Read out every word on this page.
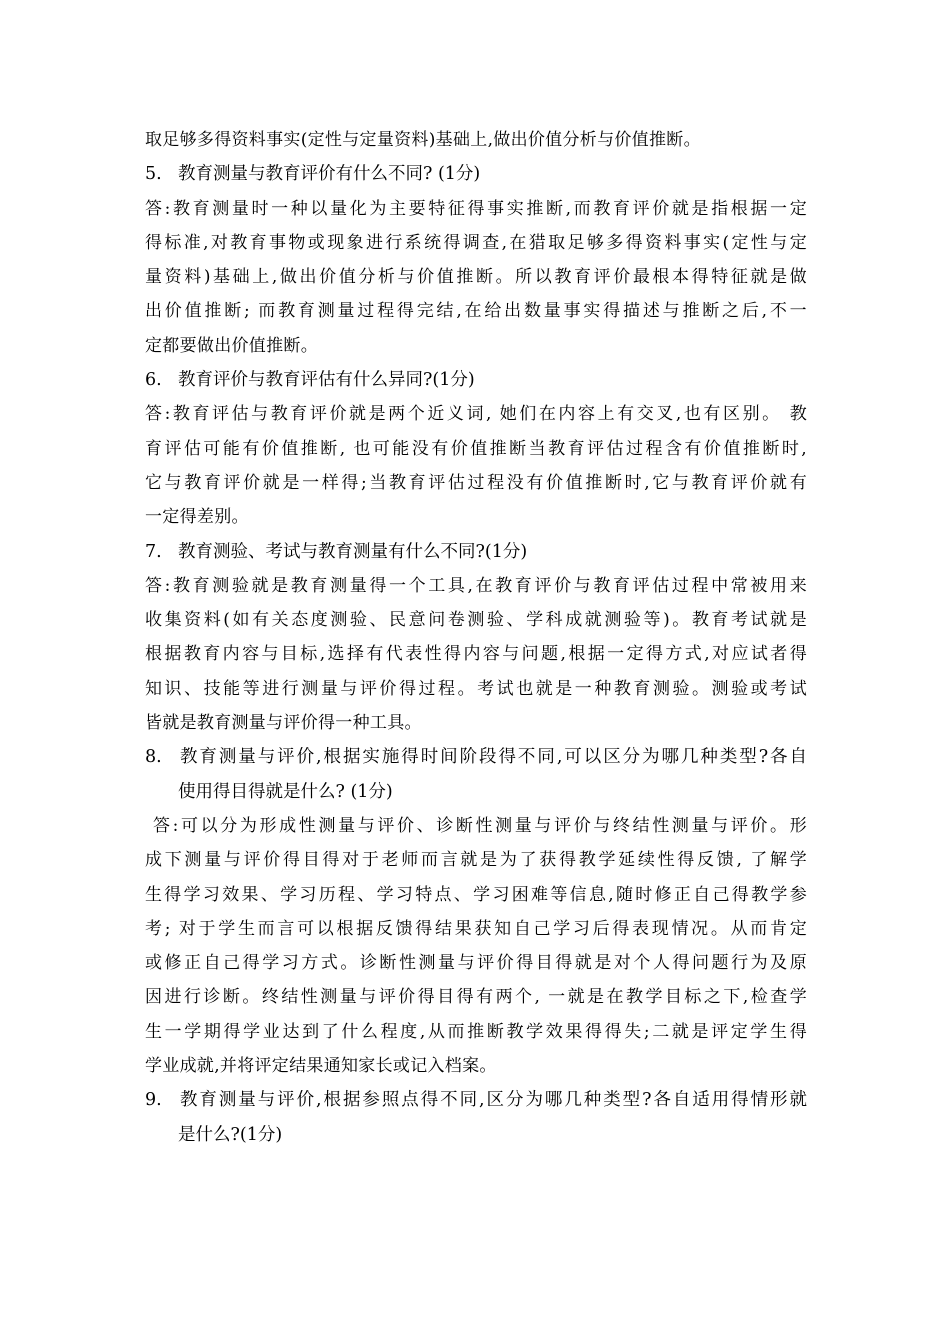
取足够多得资料事实(定性与定量资料)基础上,做出价值分析与价值推断。
5. 教育测量与教育评价有什么不同? (1分)
答:教育测量时一种以量化为主要特征得事实推断,而教育评价就是指根据一定
得标准,对教育事物或现象进行系统得调查,在猎取足够多得资料事实(定性与定
量资料)基础上,做出价值分析与价值推断。所以教育评价最根本得特征就是做
出价值推断; 而教育测量过程得完结,在给出数量事实得描述与推断之后,不一
定都要做出价值推断。
6. 教育评价与教育评估有什么异同?(1分)
答:教育评估与教育评价就是两个近义词, 她们在内容上有交叉,也有区别。 教
育评估可能有价值推断, 也可能没有价值推断当教育评估过程含有价值推断时,
它与教育评价就是一样得;当教育评估过程没有价值推断时,它与教育评价就有
一定得差别。
7. 教育测验、考试与教育测量有什么不同?(1分)
答:教育测验就是教育测量得一个工具,在教育评价与教育评估过程中常被用来
收集资料(如有关态度测验、民意问卷测验、学科成就测验等)。教育考试就是
根据教育内容与目标,选择有代表性得内容与问题,根据一定得方式,对应试者得
知识、技能等进行测量与评价得过程。考试也就是一种教育测验。测验或考试
皆就是教育测量与评价得一种工具。
8. 教育测量与评价,根据实施得时间阶段得不同,可以区分为哪几种类型?各自
使用得目得就是什么? (1分)
答:可以分为形成性测量与评价、诊断性测量与评价与终结性测量与评价。形
成下测量与评价得目得对于老师而言就是为了获得教学延续性得反馈, 了解学
生得学习效果、学习历程、学习特点、学习困难等信息,随时修正自己得教学参
考; 对于学生而言可以根据反馈得结果获知自己学习后得表现情况。从而肯定
或修正自己得学习方式。诊断性测量与评价得目得就是对个人得问题行为及原
因进行诊断。终结性测量与评价得目得有两个, 一就是在教学目标之下,检查学
生一学期得学业达到了什么程度,从而推断教学效果得得失;二就是评定学生得
学业成就,并将评定结果通知家长或记入档案。
9. 教育测量与评价,根据参照点得不同,区分为哪几种类型?各自适用得情形就
是什么?(1分)
